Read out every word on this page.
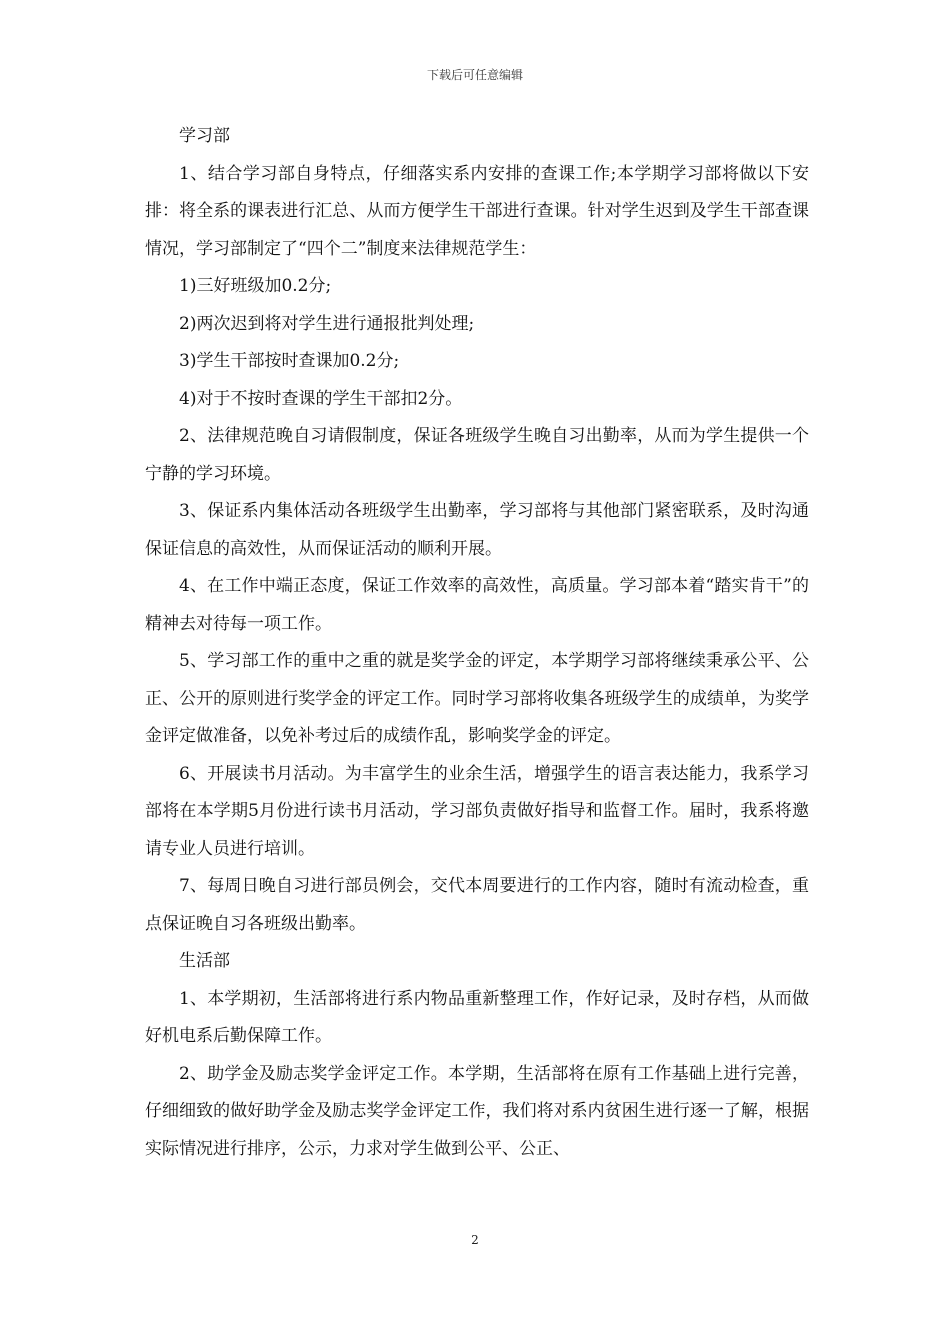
下载后可任意编辑

学习部

1、结合学习部自身特点，仔细落实系内安排的查课工作;本学期学习部将做以下安排：将全系的课表进行汇总、从而方便学生干部进行查课。针对学生迟到及学生干部查课情况，学习部制定了“四个二”制度来法律规范学生：

1)三好班级加0.2分;

2)两次迟到将对学生进行通报批判处理;

3)学生干部按时查课加0.2分;

4)对于不按时查课的学生干部扣2分。

2、法律规范晚自习请假制度，保证各班级学生晚自习出勤率，从而为学生提供一个宁静的学习环境。

3、保证系内集体活动各班级学生出勤率，学习部将与其他部门紧密联系，及时沟通保证信息的高效性，从而保证活动的顺利开展。

4、在工作中端正态度，保证工作效率的高效性，高质量。学习部本着“踏实肯干”的精神去对待每一项工作。

5、学习部工作的重中之重的就是奖学金的评定，本学期学习部将继续秉承公平、公正、公开的原则进行奖学金的评定工作。同时学习部将收集各班级学生的成绩单，为奖学金评定做准备，以免补考过后的成绩作乱，影响奖学金的评定。

6、开展读书月活动。为丰富学生的业余生活，增强学生的语言表达能力，我系学习部将在本学期5月份进行读书月活动，学习部负责做好指导和监督工作。届时，我系将邀请专业人员进行培训。

7、每周日晚自习进行部员例会，交代本周要进行的工作内容，随时有流动检查，重点保证晚自习各班级出勤率。

生活部

1、本学期初，生活部将进行系内物品重新整理工作，作好记录，及时存档，从而做好机电系后勤保障工作。

2、助学金及励志奖学金评定工作。本学期，生活部将在原有工作基础上进行完善，仔细细致的做好助学金及励志奖学金评定工作，我们将对系内贫困生进行逐一了解，根据实际情况进行排序，公示，力求对学生做到公平、公正、

2
